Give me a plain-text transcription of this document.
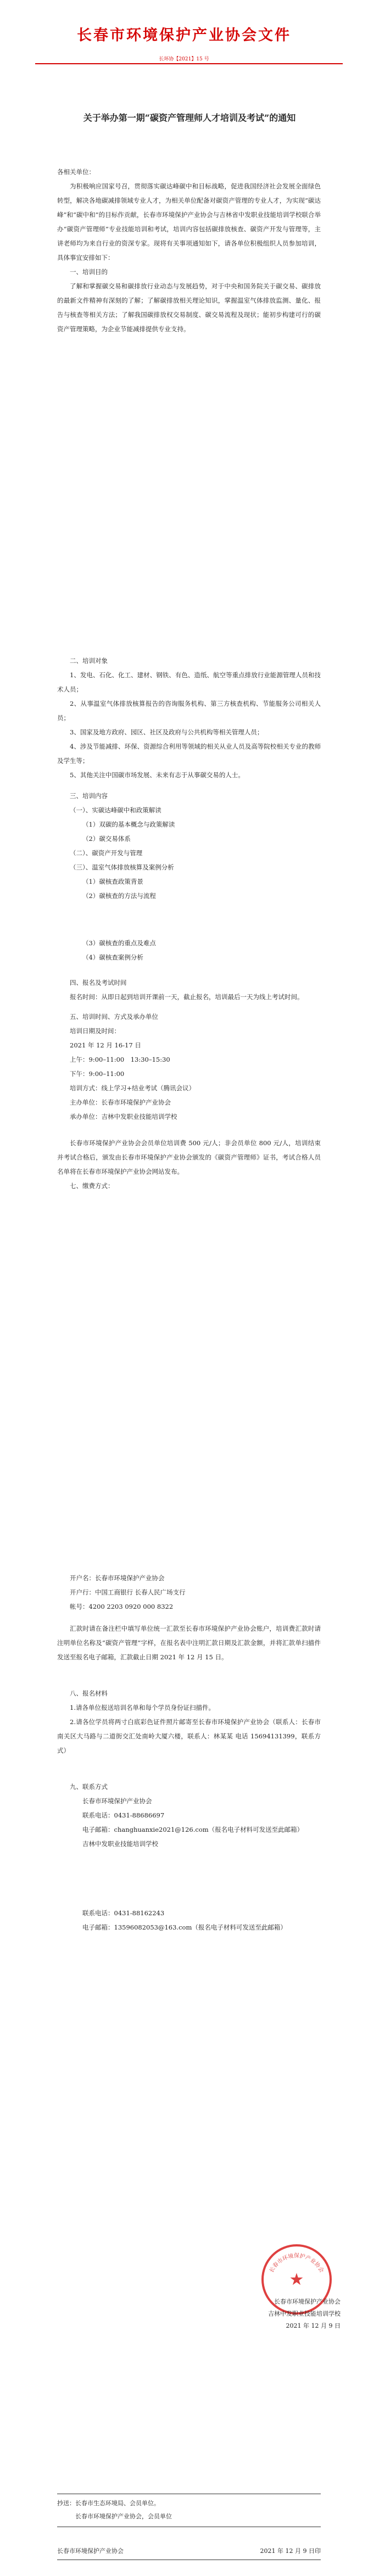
长春市环境保护产业协会文件
长环协【2021】15 号
关于举办第一期“碳资产管理师人才培训及考试”的通知

各相关单位：

为积极响应国家号召，贯彻落实碳达峰碳中和目标战略，促进我国经济社会发展全面绿色转型，解决各地碳减排领域专业人才，为相关单位配备对碳资产管理的专业人才，为实现“碳达峰”和“碳中和”的目标作贡献，长春市环境保护产业协会与吉林省中发职业技能培训学校联合举办“碳资产管理师”专业技能培训和考试，培训内容包括碳排放核查、碳资产开发与管理等，主讲老师均为来自行业的资深专家。现将有关事项通知如下，请各单位积极组织人员参加培训，具体事宜安排如下：

一、培训目的

了解和掌握碳交易和碳排放行业动态与发展趋势，对于中央和国务院关于碳交易、碳排放的最新文件精神有深刻的了解；了解碳排放相关理论知识，掌握温室气体排放监测、量化、报告与核查等相关方法；了解我国碳排放权交易制度、碳交易流程及现状；能初步构建可行的碳资产管理策略，为企业节能减排提供专业支持。

二、培训对象

1、发电、石化、化工、建材、钢铁、有色、造纸、航空等重点排放行业能源管理人员和技术人员；

2、从事温室气体排放核算报告的咨询服务机构、第三方核查机构、节能服务公司相关人员；

3、国家及地方政府、园区、社区及政府与公共机构等相关管理人员；

4、涉及节能减排、环保、资源综合利用等领域的相关从业人员及高等院校相关专业的教师及学生等；

5、其他关注中国碳市场发展、未来有志于从事碳交易的人士。

三、培训内容

（一）、实碳达峰碳中和政策解读

（1）双碳的基本概念与政策解读

（2）碳交易体系

（二）、碳资产开发与管理

（三）、温室气体排放核算及案例分析

（1）碳核查政策背景

（2）碳核查的方法与流程

（3）碳核查的重点及难点

（4）碳核查案例分析

四、报名及考试时间

报名时间：从即日起到培训开课前一天，截止报名，培训最后一天为线上考试时间。

五、培训时间、方式及承办单位

培训日期及时间：

2021 年 12 月 16-17 日

上午：9:00–11:00　13:30–15:30

下午：9:00–11:00

培训方式：线上学习+结业考试（腾讯会议）

主办单位：长春市环境保护产业协会

承办单位：吉林中发职业技能培训学校

长春市环境保护产业协会会员单位培训费 500 元/人；非会员单位 800 元/人，培训结束并考试合格后，颁发由长春市环境保护产业协会颁发的《碳资产管理师》证书，考试合格人员名单将在长春市环境保护产业协会网站发布。

七、缴费方式：

开户名：长春市环境保护产业协会

开户行：中国工商银行 长春人民广场支行

帐号：4200 2203 0920 000 8322

汇款时请在备注栏中填写单位统一汇款至长春市环境保护产业协会账户，培训费汇款时请注明单位名称及“碳资产管理”字样，在报名表中注明汇款日期及汇款金额，并将汇款单扫描件发送至报名电子邮箱，汇款截止日期 2021 年 12 月 15 日。

八、报名材料

1.请各单位报送培训名单和每个学员身份证扫描件。

2.请各位学员将两寸白底彩色证件照片邮寄至长春市环境保护产业协会（联系人：长春市南关区大马路与二道街交汇处南岭大厦六楼，联系人：林某某 电话 15694131399，联系方式）

九、联系方式

长春市环境保护产业协会

联系电话：0431-88686697

电子邮箱：changhuanxie2021@126.com（报名电子材料可发送至此邮箱）

吉林中发职业技能培训学校

联系电话：0431-88162243

电子邮箱：13596082053@163.com（报名电子材料可发送至此邮箱）

★
长春市环境保护产业协会
长春市环境保护产业协会
吉林中发职业技能培训学校
2021 年 12 月 9 日
抄送：长春市生态环境局、会员单位。
　　　长春市环境保护产业协会，会员单位
长春市环境保护产业协会	2021 年 12 月 9 日印
